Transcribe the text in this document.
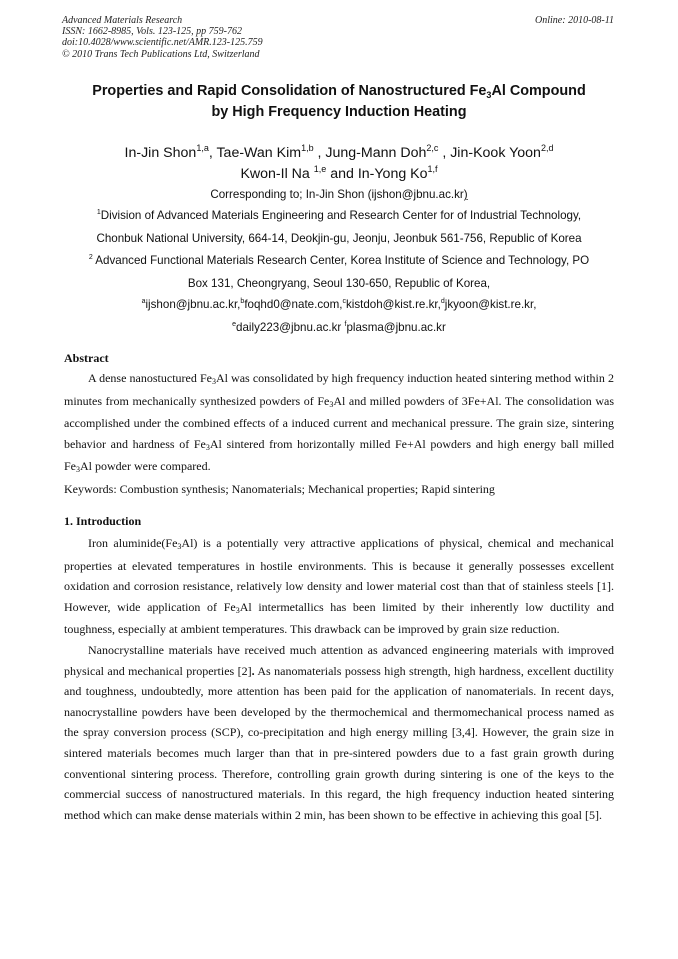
Advanced Materials Research
ISSN: 1662-8985, Vols. 123-125, pp 759-762
doi:10.4028/www.scientific.net/AMR.123-125.759
© 2010 Trans Tech Publications Ltd, Switzerland
Online: 2010-08-11
Properties and Rapid Consolidation of Nanostructured $Fe_3Al$ Compound
by High Frequency Induction Heating
In-Jin Shon$^{1,a}$, Tae-Wan Kim$^{1,b}$ , Jung-Mann Doh$^{2,c}$ , Jin-Kook Yoon$^{2,d}$
Kwon-Il Na $^{1,e}$ and In-Yong Ko$^{1,f}$
Corresponding to; In-Jin Shon (ijshon@jbnu.ac.kr)
$^1$Division of Advanced Materials Engineering and Research Center for of Industrial Technology,
Chonbuk National University, 664-14, Deokjin-gu, Jeonju, Jeonbuk 561-756, Republic of Korea
$^2$ Advanced Functional Materials Research Center, Korea Institute of Science and Technology, PO
Box 131, Cheongryang, Seoul 130-650, Republic of Korea,
$^a$ijshon@jbnu.ac.kr,$^b$foqhd0@nate.com,$^c$kistdoh@kist.re.kr,$^d$jkyoon@kist.re.kr,
$^e$daily223@jbnu.ac.kr $^f$plasma@jbnu.ac.kr
Abstract

A dense nanostuctured $Fe_3Al$ was consolidated by high frequency induction heated sintering method within 2 minutes from mechanically synthesized powders of $Fe_3Al$ and milled powders of 3Fe+Al. The consolidation was accomplished under the combined effects of a induced current and mechanical pressure. The grain size, sintering behavior and hardness of $Fe_3Al$ sintered from horizontally milled Fe+Al powders and high energy ball milled $Fe_3Al$ powder were compared.

Keywords: Combustion synthesis; Nanomaterials; Mechanical properties; Rapid sintering

1. Introduction

Iron $aluminide(Fe_3Al)$ is a potentially very attractive applications of physical, chemical and mechanical properties at elevated temperatures in hostile environments. This is because it generally possesses excellent oxidation and corrosion resistance, relatively low density and lower material cost than that of stainless steels [1]. However, wide application of $Fe_3Al$ intermetallics has been limited by their inherently low ductility and toughness, especially at ambient temperatures. This drawback can be improved by grain size reduction.

Nanocrystalline materials have received much attention as advanced engineering materials with improved physical and mechanical properties [2]. As nanomaterials possess high strength, high hardness, excellent ductility and toughness, undoubtedly, more attention has been paid for the application of nanomaterials. In recent days, nanocrystalline powders have been developed by the thermochemical and thermomechanical process named as the spray conversion process (SCP), co-precipitation and high energy milling [3,4]. However, the grain size in sintered materials becomes much larger than that in pre-sintered powders due to a fast grain growth during conventional sintering process. Therefore, controlling grain growth during sintering is one of the keys to the commercial success of nanostructured materials. In this regard, the high frequency induction heated sintering method which can make dense materials within 2 min, has been shown to be effective in achieving this goal [5].
